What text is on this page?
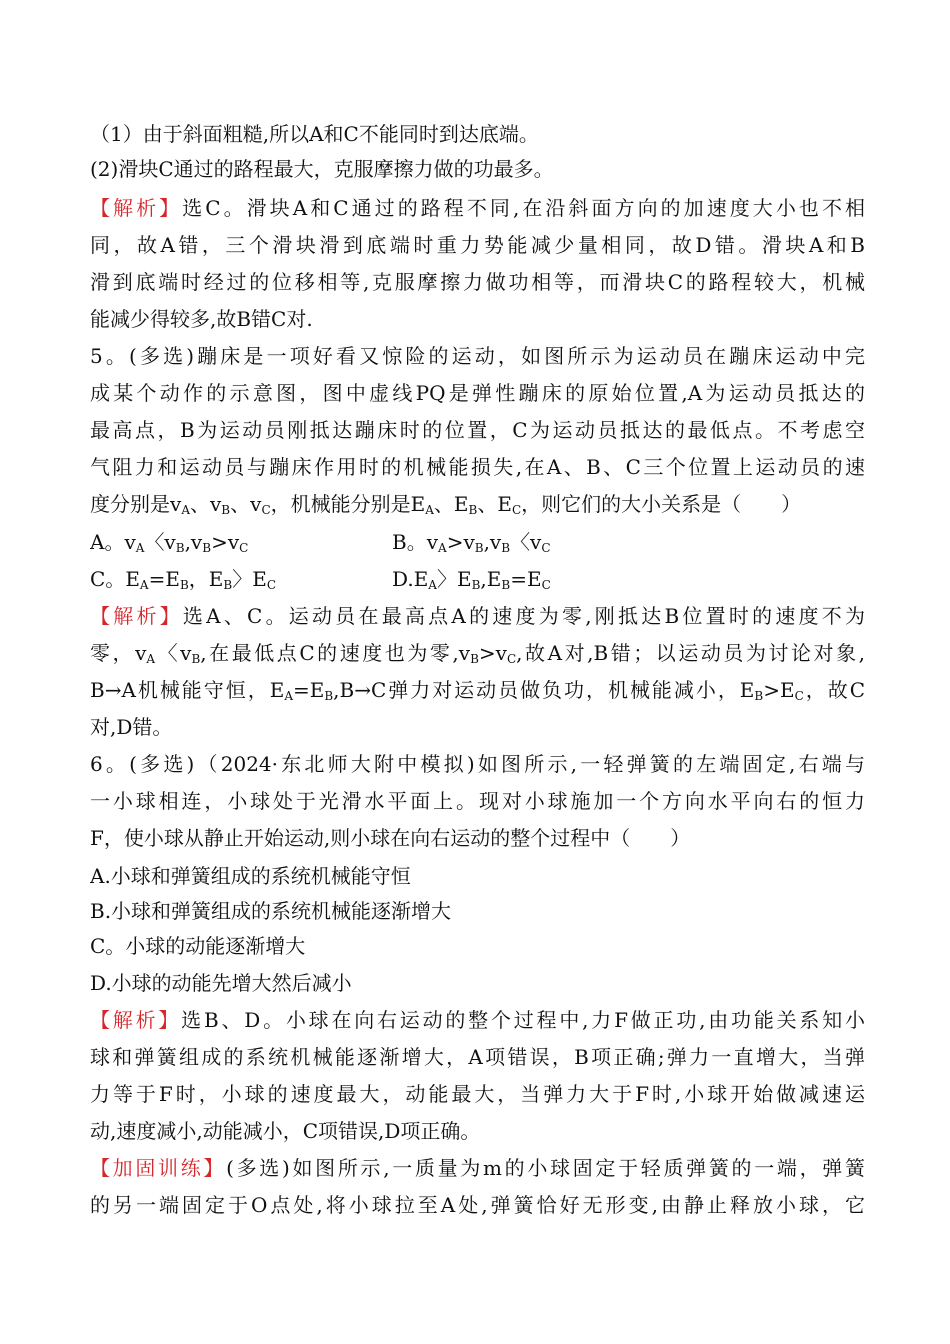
（1）由于斜面粗糙,所以A和C不能同时到达底端。
(2)滑块C通过的路程最大，克服摩擦力做的功最多。
【解析】选C。滑块A和C通过的路程不同,在沿斜面方向的加速度大小也不相
同，故A错，三个滑块滑到底端时重力势能减少量相同，故D错。滑块A和B
滑到底端时经过的位移相等,克服摩擦力做功相等，而滑块C的路程较大，机械
能减少得较多,故B错C对.
5。(多选)蹦床是一项好看又惊险的运动，如图所示为运动员在蹦床运动中完
成某个动作的示意图，图中虚线PQ是弹性蹦床的原始位置,A为运动员抵达的
最高点，B为运动员刚抵达蹦床时的位置，C为运动员抵达的最低点。不考虑空
气阻力和运动员与蹦床作用时的机械能损失,在A、B、C三个位置上运动员的速
度分别是$v_A$、$v_B$、$v_C$，机械能分别是$E_A$、$E_B$、$E_C$，则它们的大小关系是（　　）
A。$v_A$〈$v_B,v_B>v_C$	B。$v_A>v_B,v_B$〈$v_C$
C。$E_A=E_B$，$E_B$〉$E_C$	$D.E_A$〉$E_B,E_B=E_C$
【解析】选A、C。运动员在最高点A的速度为零,刚抵达B位置时的速度不为
零，$v_A$〈$v_B$,在最低点C的速度也为零$,v_B>v_C$,故A对,B错；以运动员为讨论对象,
B→A机械能守恒，$E_A=E_B,B\to C$弹力对运动员做负功，机械能减小，$E_B>E_C$，故C
对,D错。
6。(多选)（2024·东北师大附中模拟)如图所示,一轻弹簧的左端固定,右端与
一小球相连，小球处于光滑水平面上。现对小球施加一个方向水平向右的恒力
F，使小球从静止开始运动,则小球在向右运动的整个过程中（　　）
A.小球和弹簧组成的系统机械能守恒
B.小球和弹簧组成的系统机械能逐渐增大
C。小球的动能逐渐增大
D.小球的动能先增大然后减小
【解析】选B、D。小球在向右运动的整个过程中,力F做正功,由功能关系知小
球和弹簧组成的系统机械能逐渐增大，A项错误，B项正确;弹力一直增大，当弹
力等于F时，小球的速度最大，动能最大，当弹力大于F时,小球开始做减速运
动,速度减小,动能减小，C项错误,D项正确。
【加固训练】(多选)如图所示,一质量为m的小球固定于轻质弹簧的一端，弹簧
的另一端固定于O点处,将小球拉至A处,弹簧恰好无形变,由静止释放小球，它
